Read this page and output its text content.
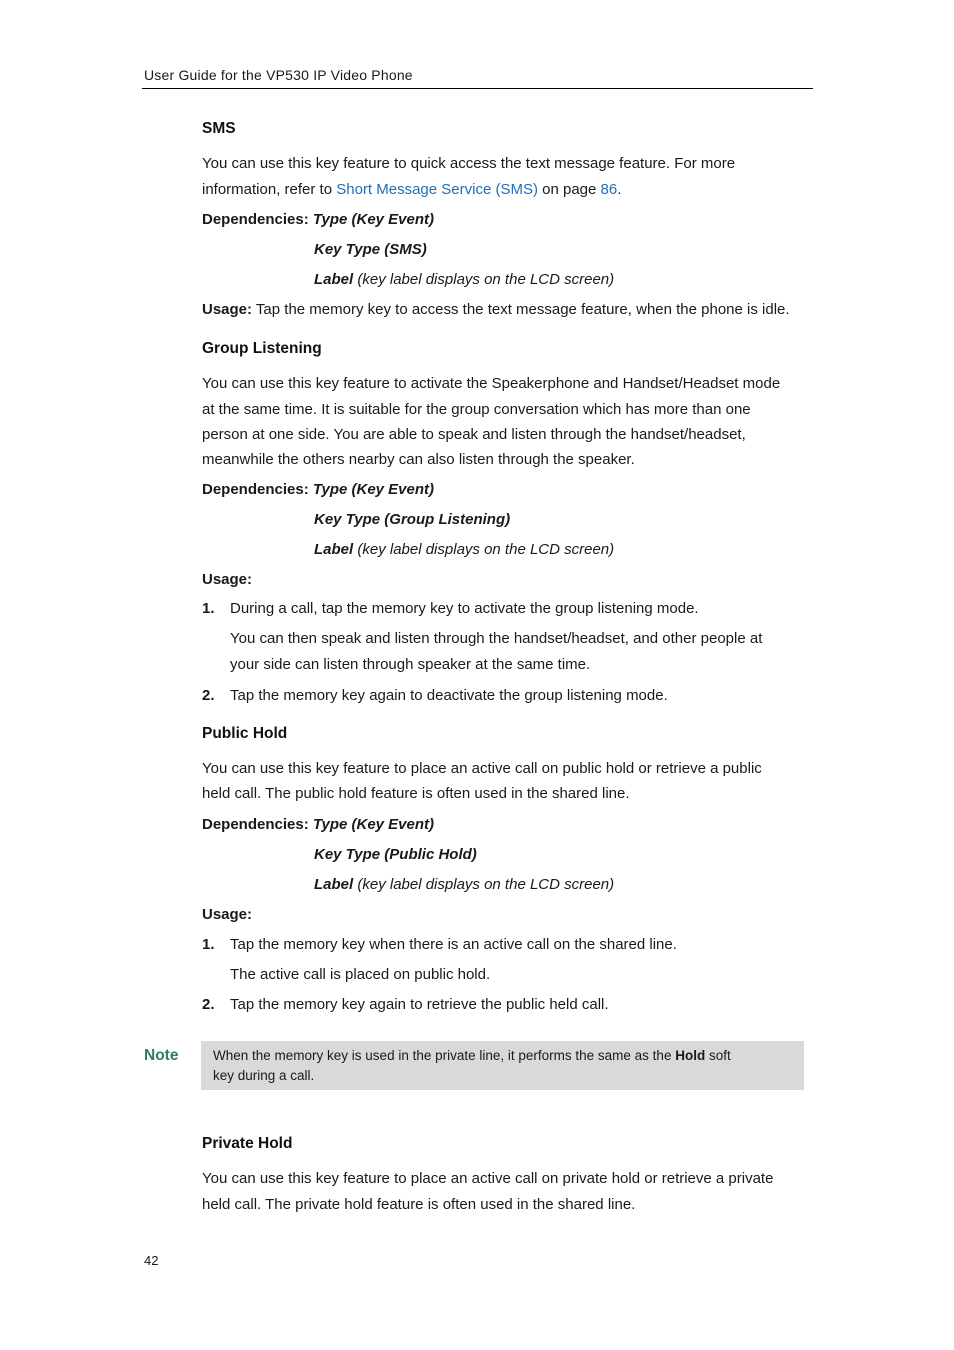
User Guide for the VP530 IP Video Phone
SMS
You can use this key feature to quick access the text message feature. For more
information, refer to Short Message Service (SMS) on page 86.
Dependencies: Type (Key Event)
Key Type (SMS)
Label (key label displays on the LCD screen)
Usage: Tap the memory key to access the text message feature, when the phone is idle.
Group Listening
You can use this key feature to activate the Speakerphone and Handset/Headset mode
at the same time. It is suitable for the group conversation which has more than one
person at one side. You are able to speak and listen through the handset/headset,
meanwhile the others nearby can also listen through the speaker.
Dependencies: Type (Key Event)
Key Type (Group Listening)
Label (key label displays on the LCD screen)
Usage:
1. During a call, tap the memory key to activate the group listening mode.
You can then speak and listen through the handset/headset, and other people at
your side can listen through speaker at the same time.
2. Tap the memory key again to deactivate the group listening mode.
Public Hold
You can use this key feature to place an active call on public hold or retrieve a public
held call. The public hold feature is often used in the shared line.
Dependencies: Type (Key Event)
Key Type (Public Hold)
Label (key label displays on the LCD screen)
Usage:
1. Tap the memory key when there is an active call on the shared line.
The active call is placed on public hold.
2. Tap the memory key again to retrieve the public held call.
Note	When the memory key is used in the private line, it performs the same as the Hold soft
key during a call.
Private Hold
You can use this key feature to place an active call on private hold or retrieve a private
held call. The private hold feature is often used in the shared line.
42
